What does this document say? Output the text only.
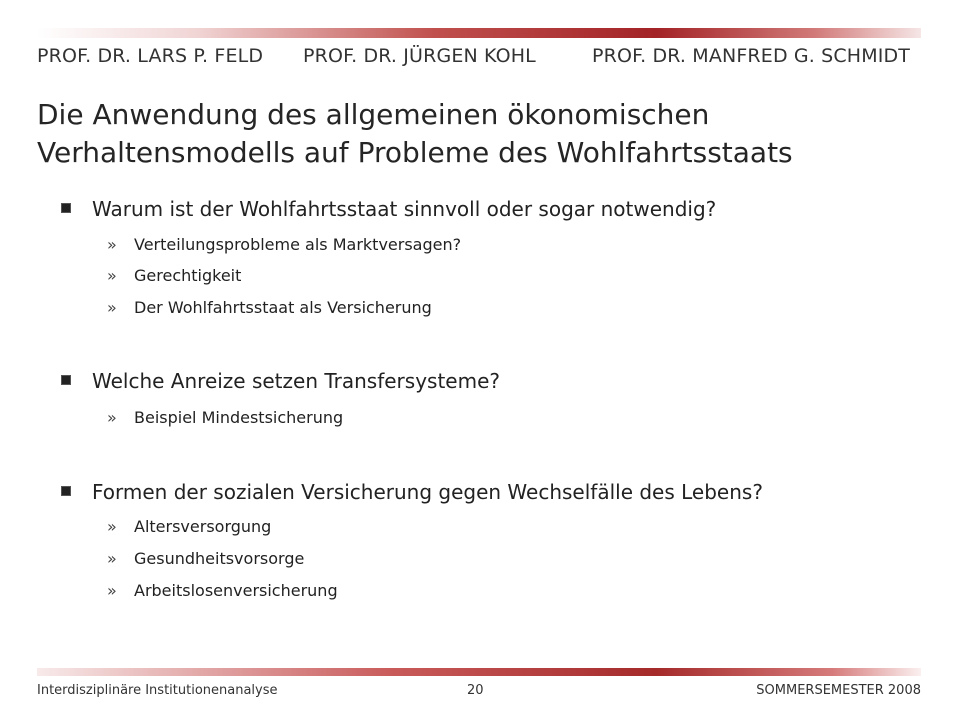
PROF. DR. LARS P. FELD PROF. DR. JÜRGEN KOHL	PROF. DR. MANFRED G. SCHMIDT
Die Anwendung des allgemeinen ökonomischen
Verhaltensmodells auf Probleme des Wohlfahrtsstaats
Warum ist der Wohlfahrtsstaat sinnvoll oder sogar notwendig?
» Verteilungsprobleme als Marktversagen?
» Gerechtigkeit
» Der Wohlfahrtsstaat als Versicherung
Welche Anreize setzen Transfersysteme?
» Beispiel Mindestsicherung
Formen der sozialen Versicherung gegen Wechselfälle des Lebens?
» Altersversorgung
» Gesundheitsvorsorge
» Arbeitslosenversicherung
Interdisziplinäre Institutionenanalyse	20	SOMMERSEMESTER 2008
